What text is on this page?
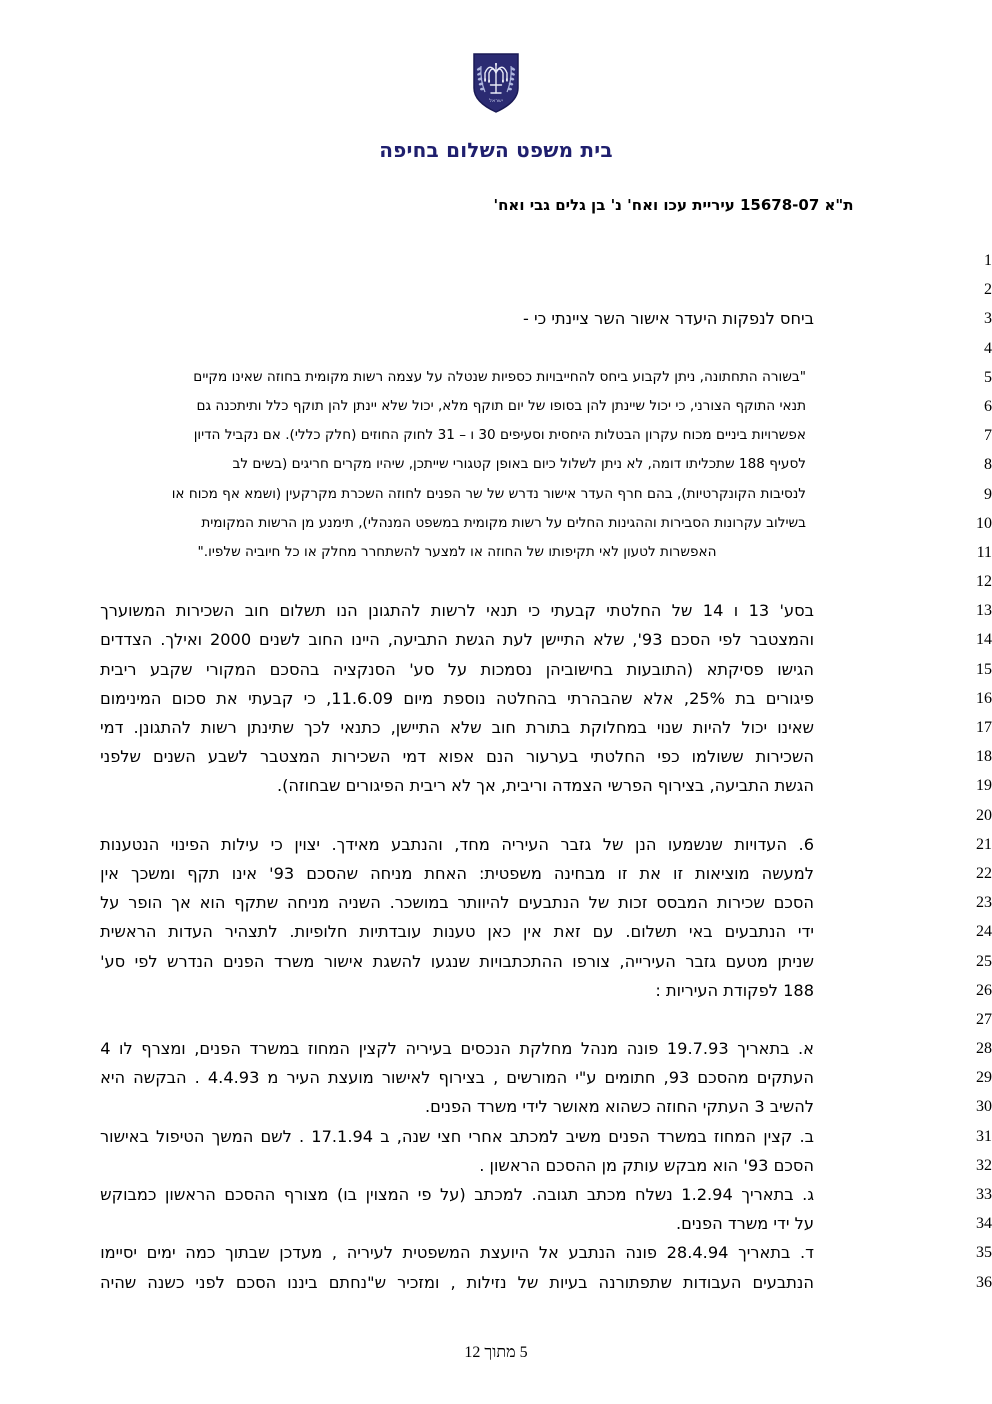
ישראל
בית משפט השלום בחיפה
ת"א 15678-07 עיריית עכו ואח' נ' בן גלים גבי ואח'

ביחס לנפקות היעדר אישור השר ציינתי כי -

"בשורה התחתונה, ניתן לקבוע ביחס להחייבויות כספיות שנטלה על עצמה רשות מקומית בחוזה שאינו מקיים
תנאי התוקף הצורני, כי יכול שיינתן להן בסופו של יום תוקף מלא, יכול שלא יינתן להן תוקף כלל ותיתכנה גם
אפשרויות ביניים מכוח עקרון הבטלות היחסית וסעיפים 30 ו – 31 לחוק החוזים (חלק כללי). אם נקביל הדיון
לסעיף 188 שתכליתו דומה, לא ניתן לשלול כיום באופן קטגורי שייתכן, שיהיו מקרים חריגים (בשים לב
לנסיבות הקונקרטיות), בהם חרף העדר אישור נדרש של שר הפנים לחוזה השכרת מקרקעין (ושמא אף מכוח או
בשילוב עקרונות הסבירות וההגינות החלים על רשות מקומית במשפט המנהלי), תימנע מן הרשות המקומית
האפשרות לטעון לאי תקיפותו של החוזה או למצער להשתחרר מחלק או כל חיוביה שלפיו."

בסע'
13
ו
14
של
החלטתי
קבעתי
כי
תנאי
לרשות
להתגונן
הנו
תשלום
חוב
השכירות
המשוערך
והמצטבר
לפי
הסכם
93',
שלא
התיישן
לעת
הגשת
התביעה,
היינו
החוב
לשנים
2000
ואילך.
הצדדים
הגישו
פסיקתא
(התובעות
בחישוביהן
נסמכות
על
סע'
הסנקציה
בהסכם
המקורי
שקבע
ריבית
פיגורים
בת
25%,
אלא
שהבהרתי
בהחלטה
נוספת
מיום
11.6.09,
כי
קבעתי
את
סכום
המינימום
שאינו
יכול
להיות
שנוי
במחלוקת
בתורת
חוב
שלא
התיישן,
כתנאי
לכך
שתינתן
רשות
להתגונן.
דמי
השכירות
ששולמו
כפי
החלטתי
בערעור
הנם
אפוא
דמי
השכירות
המצטבר
לשבע
השנים
שלפני
הגשת התביעה, בצירוף הפרשי הצמדה וריבית, אך לא ריבית הפיגורים שבחוזה).

6.
העדויות
שנשמעו
הנן
של
גזבר
העיריה
מחד,
והנתבע
מאידך.
יצוין
כי
עילות
הפינוי
הנטענות
למעשה
מוציאות
זו
את
זו
מבחינה
משפטית:
האחת
מניחה
שהסכם
93'
אינו
תקף
ומשכך
אין
הסכם
שכירות
המבסס
זכות
של
הנתבעים
להיוותר
במושכר.
השניה
מניחה
שתקף
הוא
אך
הופר
על
ידי
הנתבעים
באי
תשלום.
עם
זאת
אין
כאן
טענות
עובדתיות
חלופיות.
לתצהיר
העדות
הראשית
שניתן
מטעם
גזבר
העירייה,
צורפו
ההתכתבויות
שנגעו
להשגת
אישור
משרד
הפנים
הנדרש
לפי
סע'
188 לפקודת העיריות :

א.
בתאריך
19.7.93
פונה
מנהל
מחלקת
הנכסים
בעיריה
לקצין
המחוז
במשרד
הפנים,
ומצרף
לו
4
העתקים
מהסכם
93,
חתומים
ע"י
המורשים
,
בצירוף
לאישור
מועצת
העיר
מ
4.4.93
.
הבקשה
היא
להשיב 3 העתקי החוזה כשהוא מאושר לידי משרד הפנים.
ב.
קצין
המחוז
במשרד
הפנים
משיב
למכתב
אחרי
חצי
שנה,
ב
17.1.94
.
לשם
המשך
הטיפול
באישור
הסכם 93' הוא מבקש עותק מן ההסכם הראשון .
ג.
בתאריך
1.2.94
נשלח
מכתב
תגובה.
למכתב
(על
פי
המצוין
בו)
מצורף
ההסכם
הראשון
כמבוקש
על ידי משרד הפנים.
ד.
בתאריך
28.4.94
פונה
הנתבע
אל
היועצת
המשפטית
לעיריה
,
מעדכן
שבתוך
כמה
ימים
יסיימו
הנתבעים
העבודות
שתפתורנה
בעיות
של
נזילות
,
ומזכיר
ש"נחתם
ביננו
הסכם
לפני
כשנה
שהיה
1
2
3
4
5
6
7
8
9
10
11
12
13
14
15
16
17
18
19
20
21
22
23
24
25
26
27
28
29
30
31
32
33
34
35
36
5 מתוך 12
